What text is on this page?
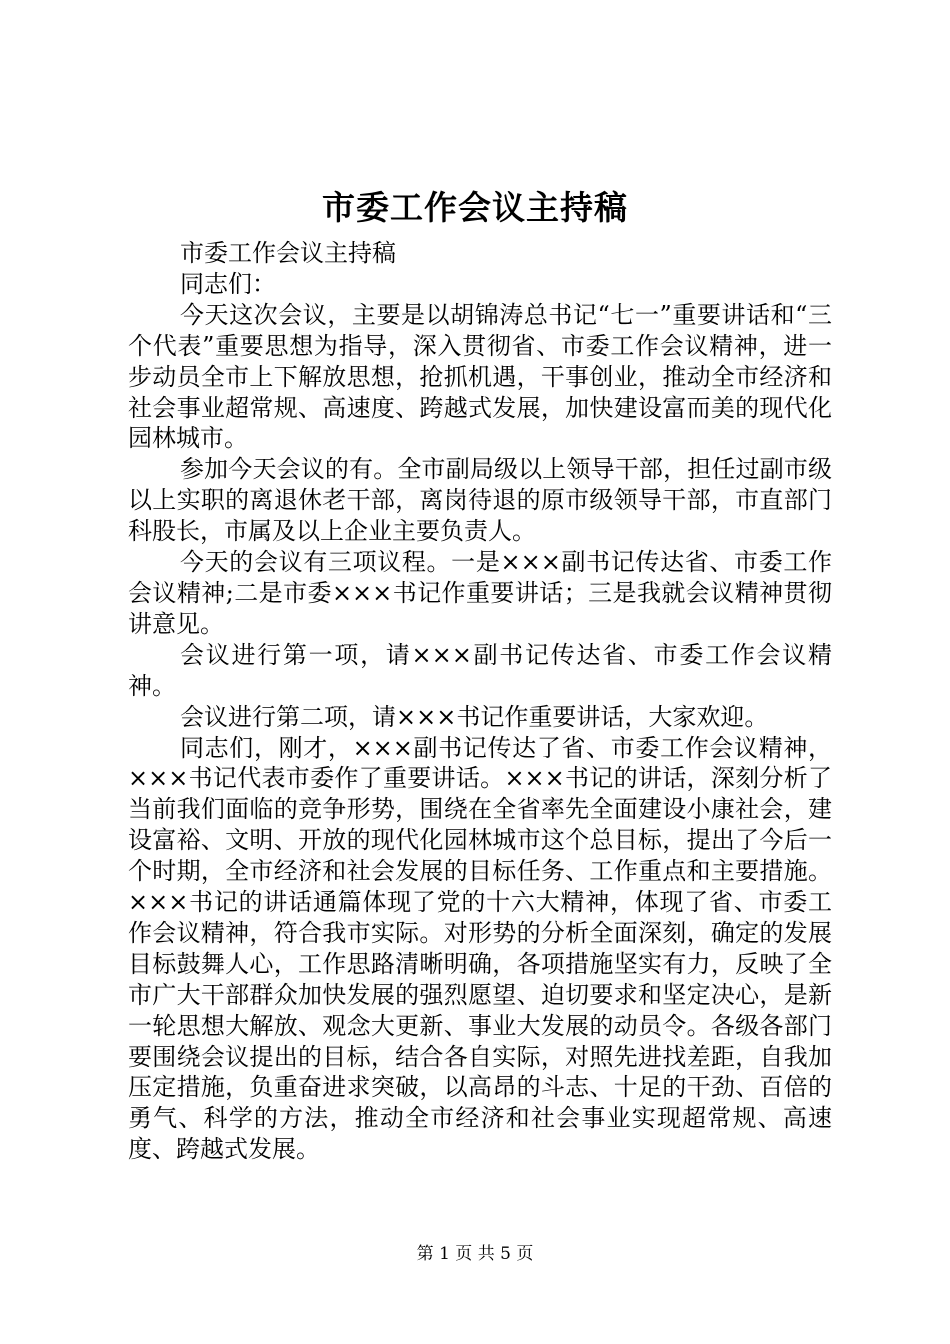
市委工作会议主持稿

市委工作会议主持稿

同志们：

今天这次会议，主要是以胡锦涛总书记“七一”重要讲话和“三个代表”重要思想为指导，深入贯彻省、市委工作会议精神，进一步动员全市上下解放思想，抢抓机遇，干事创业，推动全市经济和社会事业超常规、高速度、跨越式发展，加快建设富而美的现代化园林城市。

参加今天会议的有。全市副局级以上领导干部，担任过副市级以上实职的离退休老干部，离岗待退的原市级领导干部，市直部门科股长，市属及以上企业主要负责人。

今天的会议有三项议程。一是×××副书记传达省、市委工作会议精神;二是市委×××书记作重要讲话；三是我就会议精神贯彻讲意见。

会议进行第一项，请×××副书记传达省、市委工作会议精神。

会议进行第二项，请×××书记作重要讲话，大家欢迎。

同志们，刚才，×××副书记传达了省、市委工作会议精神，×××书记代表市委作了重要讲话。×××书记的讲话，深刻分析了当前我们面临的竞争形势，围绕在全省率先全面建设小康社会，建设富裕、文明、开放的现代化园林城市这个总目标，提出了今后一个时期，全市经济和社会发展的目标任务、工作重点和主要措施。×××书记的讲话通篇体现了党的十六大精神，体现了省、市委工作会议精神，符合我市实际。对形势的分析全面深刻，确定的发展目标鼓舞人心，工作思路清晰明确，各项措施坚实有力，反映了全市广大干部群众加快发展的强烈愿望、迫切要求和坚定决心，是新一轮思想大解放、观念大更新、事业大发展的动员令。各级各部门要围绕会议提出的目标，结合各自实际，对照先进找差距，自我加压定措施，负重奋进求突破，以高昂的斗志、十足的干劲、百倍的勇气、科学的方法，推动全市经济和社会事业实现超常规、高速度、跨越式发展。

第 1 页 共 5 页
